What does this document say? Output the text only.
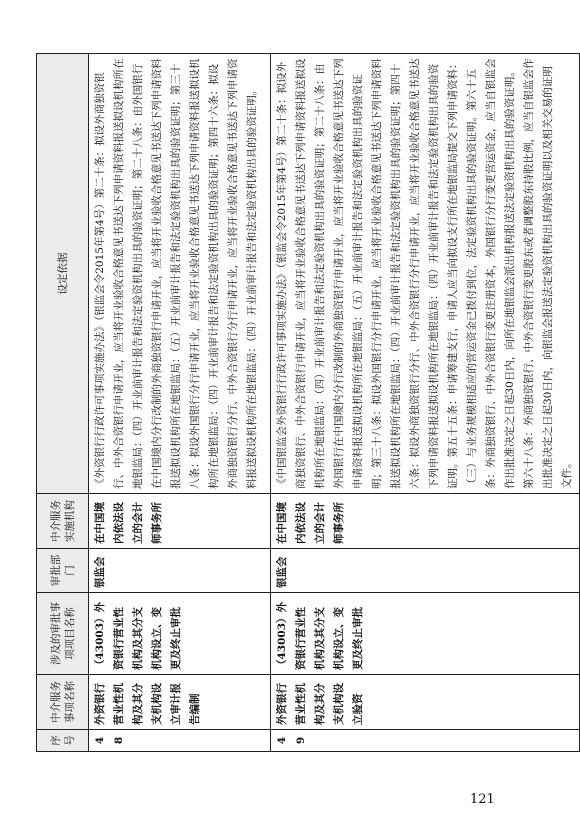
序号	中介服务事项名称	涉及的审批事项项目名称	审批部门	中介服务实施机构	设定依据
48	外资银行营业性机构及其分支机构设立审计报告编制	（43003）外资银行营业性机构及其分支机构设立、变更及终止审批	银监会	在中国境内依法设立的会计师事务所	《外资银行行政许可事项实施办法》（银监会令2015年第4号）第二十条：拟设外商独资银行、中外合资银行申请开业，应当将开业验收合格意见书送达下列申请资料报送拟设机构所在地银监局：（四）开业前审计报告和法定验资机构出具的验资证明；第二十八条：由外国银行在中国境内分行改制的外商独资银行申请开业，应当将开业验收合格意见书送达下列申请资料报送拟设机构所在地银监局：（五）开业前审计报告和法定验资机构出具的验资证明；第三十八条：拟设外国银行分行申请开业，应当将开业验收合格意见书送达下列申请资料报送拟设机构所在地银监局：（四）开业前审计报告和法定验资机构出具的验资证明；第四十六条：拟设外商独资银行分行、中外合资银行分行申请开业，应当将开业验收合格意见书送达下列申请资料报送拟设机构所在地银监局：（四）开业前审计报告和法定验资机构出具的验资证明。
49	外资银行营业性机构及其分支机构设立验资	（43003）外资银行营业性机构及其分支机构设立、变更及终止审批	银监会	在中国境内依法设立的会计师事务所	《中国银监会外资银行行政许可事项实施办法》（银监会令2015年第4号）第二十条：拟设外商独资银行、中外合资银行申请开业，应当将开业验收合格意见书送达下列申请资料报送拟设机构所在地银监局：（四）开业前审计报告和法定验资机构出具的验资证明；第二十八条：由外国银行在中国境内分行改制的外商独资银行申请开业，应当将开业验收合格意见书送达下列申请资料报送拟设机构所在地银监局：（五）开业前审计报告和法定验资机构出具的验资证明；第三十八条：拟设外国银行分行申请开业，应当将开业验收合格意见书送达下列申请资料报送拟设机构所在地银监局：（四）开业前审计报告和法定验资机构出具的验资证明；第四十六条：拟设外商独资银行分行、中外合资银行分行申请开业，应当将开业验收合格意见书送达下列申请资料报送拟设机构所在地银监局：（四）开业前审计报告和法定验资机构出具的验资证明。第五十五条：申请筹建支行，申请人应当向拟设支行所在地银监局提交下列申请资料：（三）与业务规模相适应的营运资金已拨付到位，法定验资机构出具的验资证明。第六十五条：外商独资银行、中外合资银行变更注册资本，外国银行分行变更营运资金，应当自银监会作出批准决定之日起30日内，向所在地银监会派出机构报送法定验资机构出具的验资证明。第六十八条：外商独资银行、中外合资银行变更股东或者调整股东持股比例，应当自银监会作出批准决定之日起30日内，向银监会报送法定验资机构出具的验资证明以及相关交易的证明文件。
121
